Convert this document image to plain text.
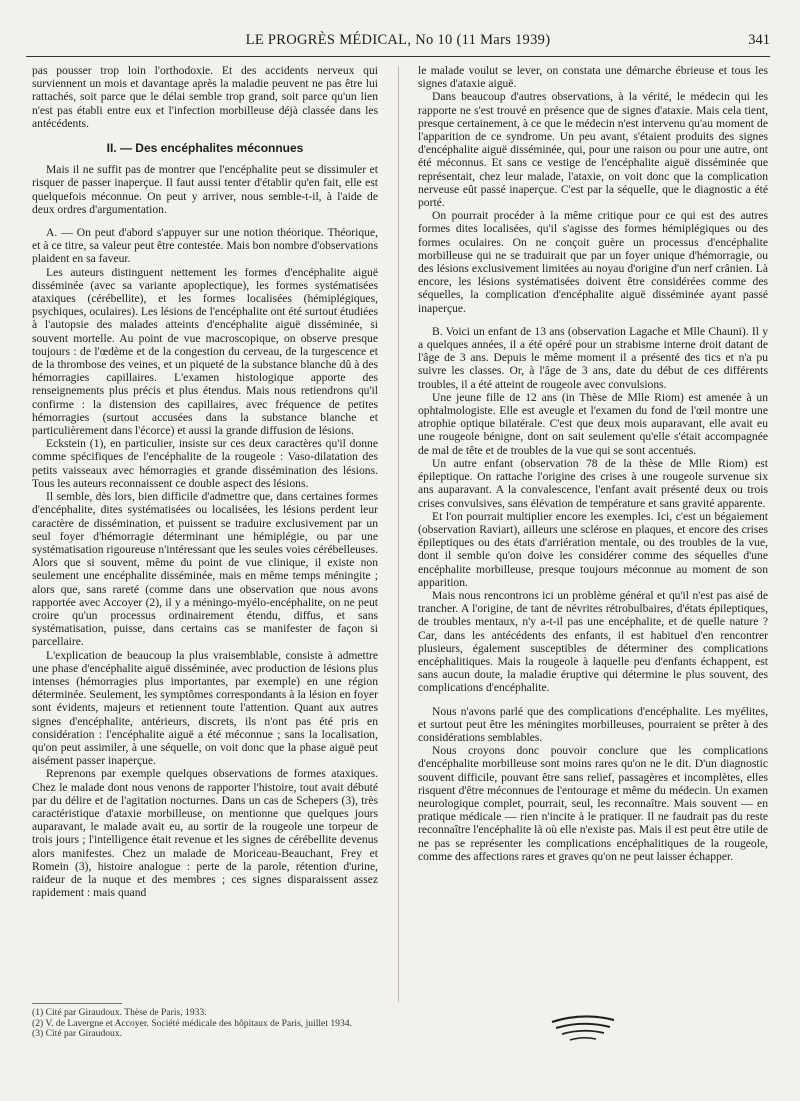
LE PROGRÈS MÉDICAL, No 10 (11 Mars 1939)	341

pas pousser trop loin l'orthodoxie. Et des accidents nerveux qui surviennent un mois et davantage après la maladie peuvent ne pas être lui rattachés, soit parce que le délai semble trop grand, soit parce qu'un lien n'est pas établi entre eux et l'infection morbilleuse déjà classée dans les antécédents.

II. — Des encéphalites méconnues

Mais il ne suffit pas de montrer que l'encéphalite peut se dissimuler et risquer de passer inaperçue. Il faut aussi tenter d'établir qu'en fait, elle est quelquefois méconnue. On peut y arriver, nous semble-t-il, à l'aide de deux ordres d'argumentation.

A. — On peut d'abord s'appuyer sur une notion théorique. Théorique, et à ce titre, sa valeur peut être contestée. Mais bon nombre d'observations plaident en sa faveur.

Les auteurs distinguent nettement les formes d'encéphalite aiguë disséminée (avec sa variante apoplectique), les formes systématisées ataxiques (cérébellite), et les formes localisées (hémiplégiques, psychiques, oculaires). Les lésions de l'encéphalite ont été surtout étudiées à l'autopsie des malades atteints d'encéphalite aiguë disséminée, si souvent mortelle. Au point de vue macroscopique, on observe presque toujours : de l'œdème et de la congestion du cerveau, de la turgescence et de la thrombose des veines, et un piqueté de la substance blanche dû à des hémorragies capillaires. L'examen histologique apporte des renseignements plus précis et plus étendus. Mais nous retiendrons qu'il confirme : la distension des capillaires, avec fréquence de petites hémorragies (surtout accusées dans la substance blanche et particulièrement dans l'écorce) et aussi la grande diffusion de lésions.

Eckstein (1), en particulier, insiste sur ces deux caractères qu'il donne comme spécifiques de l'encéphalite de la rougeole : Vaso-dilatation des petits vaisseaux avec hémorragies et grande dissémination des lésions. Tous les auteurs reconnaissent ce double aspect des lésions.

Il semble, dès lors, bien difficile d'admettre que, dans certaines formes d'encéphalite, dites systématisées ou localisées, les lésions perdent leur caractère de dissémination, et puissent se traduire exclusivement par un seul foyer d'hémorragie déterminant une hémiplégie, ou par une systématisation rigoureuse n'intéressant que les seules voies cérébelleuses. Alors que si souvent, même du point de vue clinique, il existe non seulement une encéphalite disséminée, mais en même temps méningite ; alors que, sans rareté (comme dans une observation que nous avons rapportée avec Accoyer (2), il y a méningo-myélo-encéphalite, on ne peut croire qu'un processus ordinairement étendu, diffus, et sans systématisation, puisse, dans certains cas se manifester de façon si parcellaire.

L'explication de beaucoup la plus vraisemblable, consiste à admettre une phase d'encéphalite aiguë disséminée, avec production de lésions plus intenses (hémorragies plus importantes, par exemple) en une région déterminée. Seulement, les symptômes correspondants à la lésion en foyer sont évidents, majeurs et retiennent toute l'attention. Quant aux autres signes d'encéphalite, antérieurs, discrets, ils n'ont pas été pris en considération : l'encéphalite aiguë a été méconnue ; sans la localisation, qu'on peut assimiler, à une séquelle, on voit donc que la phase aiguë peut aisément passer inaperçue.

Reprenons par exemple quelques observations de formes ataxiques. Chez le malade dont nous venons de rapporter l'histoire, tout avait débuté par du délire et de l'agitation nocturnes. Dans un cas de Schepers (3), très caractéristique d'ataxie morbilleuse, on mentionne que quelques jours auparavant, le malade avait eu, au sortir de la rougeole une torpeur de trois jours ; l'intelligence était revenue et les signes de cérébellite devenus alors manifestes. Chez un malade de Moriceau-Beauchant, Frey et Romein (3), histoire analogue : perte de la parole, rétention d'urine, raideur de la nuque et des membres ; ces signes disparaissent assez rapidement : mais quand

le malade voulut se lever, on constata une démarche ébrieuse et tous les signes d'ataxie aiguë.

Dans beaucoup d'autres observations, à la vérité, le médecin qui les rapporte ne s'est trouvé en présence que de signes d'ataxie. Mais cela tient, presque certainement, à ce que le médecin n'est intervenu qu'au moment de l'apparition de ce syndrome. Un peu avant, s'étaient produits des signes d'encéphalite aiguë disséminée, qui, pour une raison ou pour une autre, ont été méconnus. Et sans ce vestige de l'encéphalite aiguë disséminée que représentait, chez leur malade, l'ataxie, on voit donc que la complication nerveuse eût passé inaperçue. C'est par la séquelle, que le diagnostic a été porté.

On pourrait procéder à la même critique pour ce qui est des autres formes dites localisées, qu'il s'agisse des formes hémiplégiques ou des formes oculaires. On ne conçoit guère un processus d'encéphalite morbilleuse qui ne se traduirait que par un foyer unique d'hémorragie, ou des lésions exclusivement limitées au noyau d'origine d'un nerf crânien. Là encore, les lésions systématisées doivent être considérées comme des séquelles, la complication d'encéphalite aiguë disséminée ayant passé inaperçue.

B. Voici un enfant de 13 ans (observation Lagache et Mlle Chauni). Il y a quelques années, il a été opéré pour un strabisme interne droit datant de l'âge de 3 ans. Depuis le même moment il a présenté des tics et n'a pu suivre les classes. Or, à l'âge de 3 ans, date du début de ces différents troubles, il a été atteint de rougeole avec convulsions.

Une jeune fille de 12 ans (in Thèse de Mlle Riom) est amenée à un ophtalmologiste. Elle est aveugle et l'examen du fond de l'œil montre une atrophie optique bilatérale. C'est que deux mois auparavant, elle avait eu une rougeole bénigne, dont on sait seulement qu'elle s'était accompagnée de mal de tête et de troubles de la vue qui se sont accentués.

Un autre enfant (observation 78 de la thèse de Mlle Riom) est épileptique. On rattache l'origine des crises à une rougeole survenue six ans auparavant. A la convalescence, l'enfant avait présenté deux ou trois crises convulsives, sans élévation de température et sans gravité apparente.

Et l'on pourrait multiplier encore les exemples. Ici, c'est un bégaiement (observation Raviart), ailleurs une sclérose en plaques, et encore des crises épileptiques ou des états d'arriération mentale, ou des troubles de la vue, dont il semble qu'on doive les considérer comme des séquelles d'une encéphalite morbilleuse, presque toujours méconnue au moment de son apparition.

Mais nous rencontrons ici un problème général et qu'il n'est pas aisé de trancher. A l'origine, de tant de névrites rétrobulbaires, d'états épileptiques, de troubles mentaux, n'y a-t-il pas une encéphalite, et de quelle nature ? Car, dans les antécédents des enfants, il est habituel d'en rencontrer plusieurs, également susceptibles de déterminer des complications encéphalitiques. Mais la rougeole à laquelle peu d'enfants échappent, est sans aucun doute, la maladie éruptive qui détermine le plus souvent, des complications d'encéphalite.

Nous n'avons parlé que des complications d'encéphalite. Les myélites, et surtout peut être les méningites morbilleuses, pourraient se prêter à des considérations semblables.

Nous croyons donc pouvoir conclure que les complications d'encéphalite morbilleuse sont moins rares qu'on ne le dit. D'un diagnostic souvent difficile, pouvant être sans relief, passagères et incomplètes, elles risquent d'être méconnues de l'entourage et même du médecin. Un examen neurologique complet, pourrait, seul, les reconnaître. Mais souvent — en pratique médicale — rien n'incite à le pratiquer. Il ne faudrait pas du reste reconnaître l'encéphalite là où elle n'existe pas. Mais il est peut être utile de ne pas se représenter les complications encéphalitiques de la rougeole, comme des affections rares et graves qu'on ne peut laisser échapper.

(1) Cité par Giraudoux. Thèse de Paris, 1933.
(2) V. de Lavergne et Accoyer. Société médicale des hôpitaux de Paris, juillet 1934.
(3) Cité par Giraudoux.
